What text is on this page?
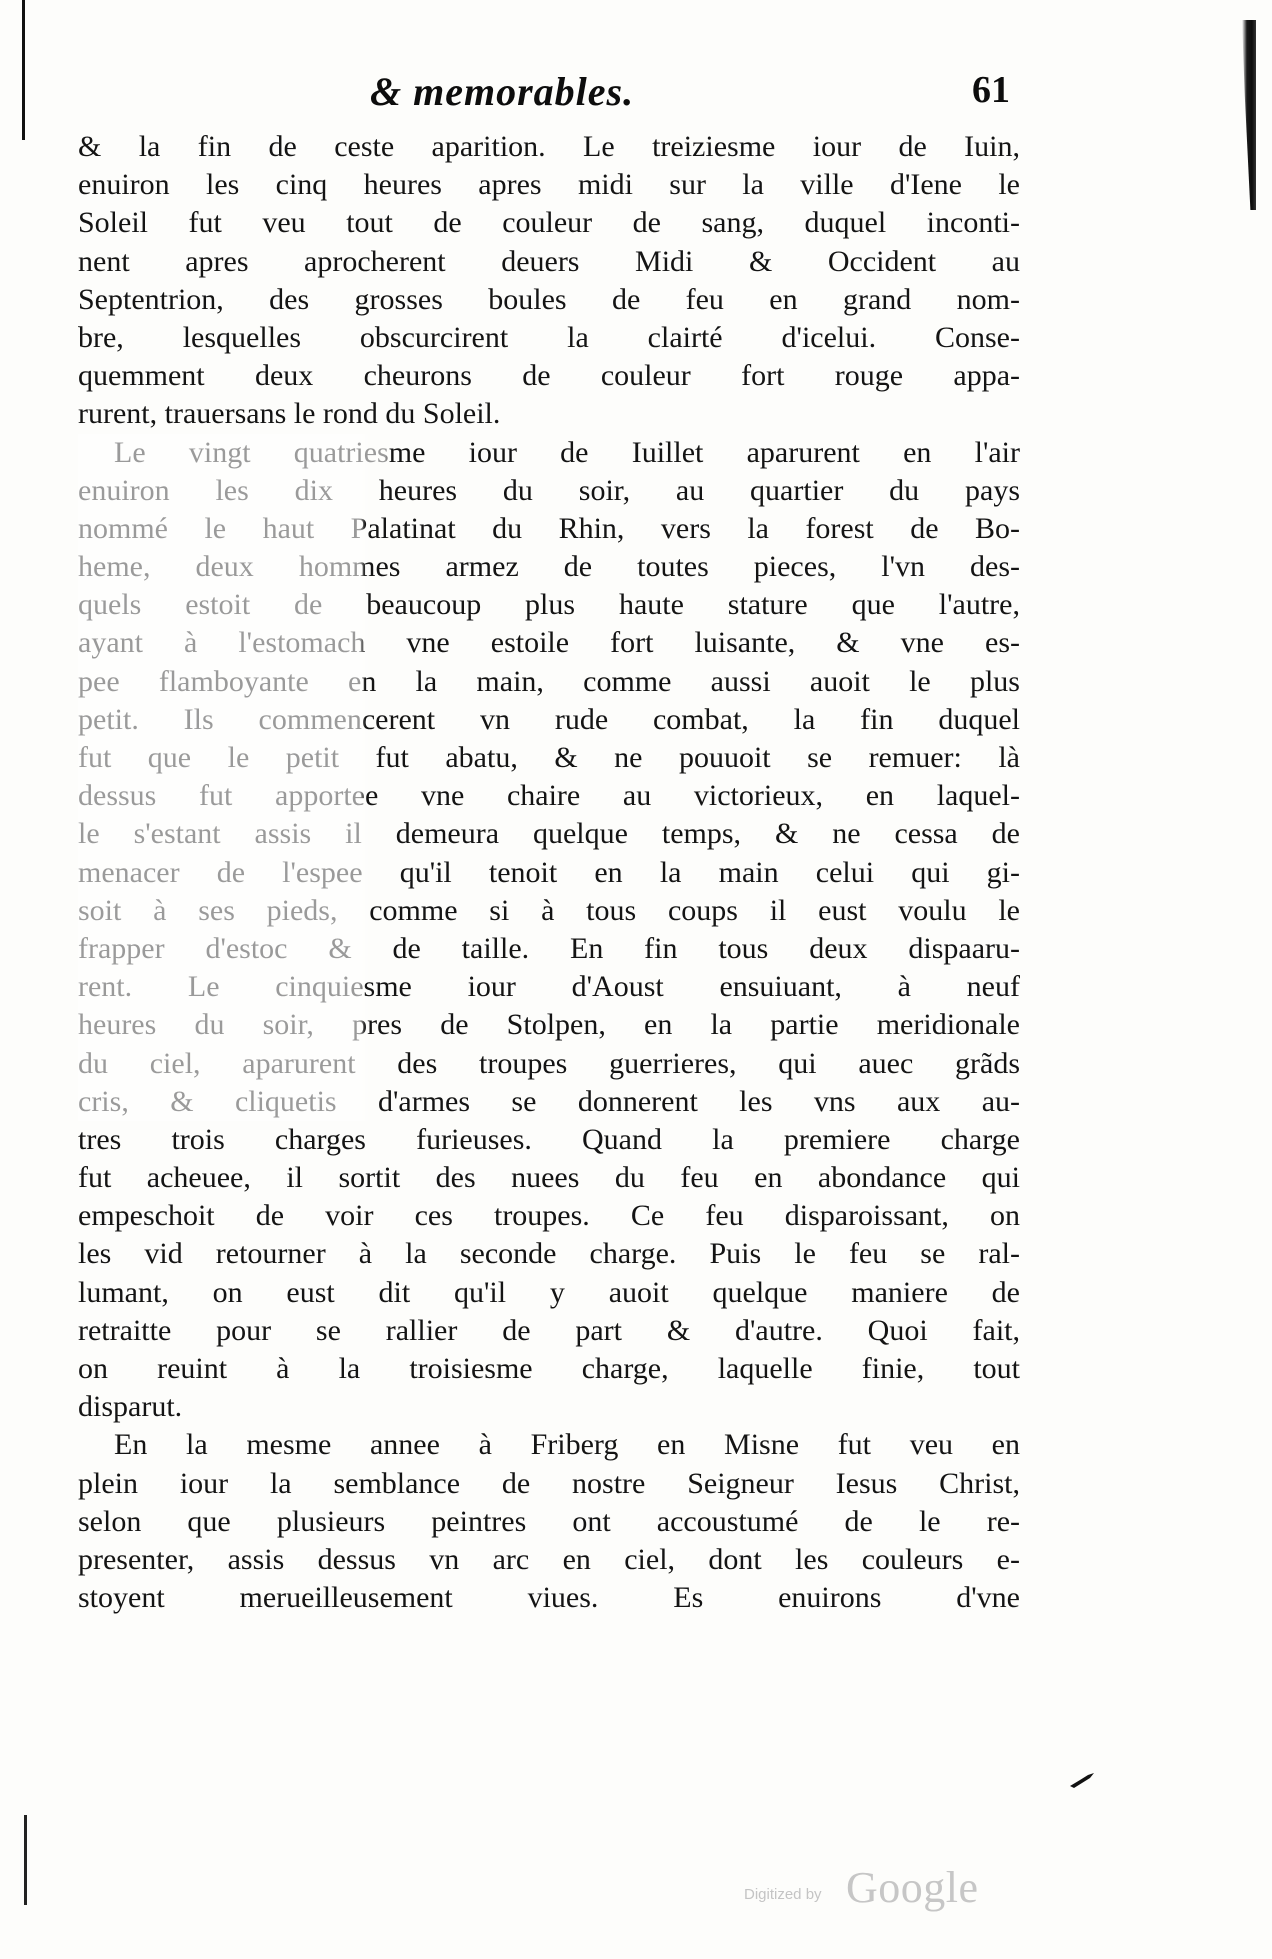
& memorables.	61
& la fin de ceste aparition. Le treiziesme iour de Iuin,
enuiron les cinq heures apres midi sur la ville d'Iene le
Soleil fut veu tout de couleur de sang, duquel inconti-
nent apres aprocherent deuers Midi & Occident au
Septentrion, des grosses boules de feu en grand nom-
bre, lesquelles obscurcirent la clairté d'icelui. Conse-
quemment deux cheurons de couleur fort rouge appa-
rurent, trauersans le rond du Soleil.
Le vingt quatriesme iour de Iuillet aparurent en l'air
enuiron les dix heures du soir, au quartier du pays
nommé le haut Palatinat du Rhin, vers la forest de Bo-
heme, deux hommes armez de toutes pieces, l'vn des-
quels estoit de beaucoup plus haute stature que l'autre,
ayant à l'estomach vne estoile fort luisante, & vne es-
pee flamboyante en la main, comme aussi auoit le plus
petit. Ils commencerent vn rude combat, la fin duquel
fut que le petit fut abatu, & ne pouuoit se remuer: là
dessus fut apportee vne chaire au victorieux, en laquel-
le s'estant assis il demeura quelque temps, & ne cessa de
menacer de l'espee qu'il tenoit en la main celui qui gi-
soit à ses pieds, comme si à tous coups il eust voulu le
frapper d'estoc & de taille. En fin tous deux dispaaru-
rent. Le cinquiesme iour d'Aoust ensuiuant, à neuf
heures du soir, pres de Stolpen, en la partie meridionale
du ciel, aparurent des troupes guerrieres, qui auec grãds
cris, & cliquetis d'armes se donnerent les vns aux au-
tres trois charges furieuses. Quand la premiere charge
fut acheuee, il sortit des nuees du feu en abondance qui
empeschoit de voir ces troupes. Ce feu disparoissant, on
les vid retourner à la seconde charge. Puis le feu se ral-
lumant, on eust dit qu'il y auoit quelque maniere de
retraitte pour se rallier de part & d'autre. Quoi fait,
on reuint à la troisiesme charge, laquelle finie, tout
disparut.
En la mesme annee à Friberg en Misne fut veu en
plein iour la semblance de nostre Seigneur Iesus Christ,
selon que plusieurs peintres ont accoustumé de le re-
presenter, assis dessus vn arc en ciel, dont les couleurs e-
stoyent merueilleusement viues. Es enuirons d'vne
Digitized by Google
